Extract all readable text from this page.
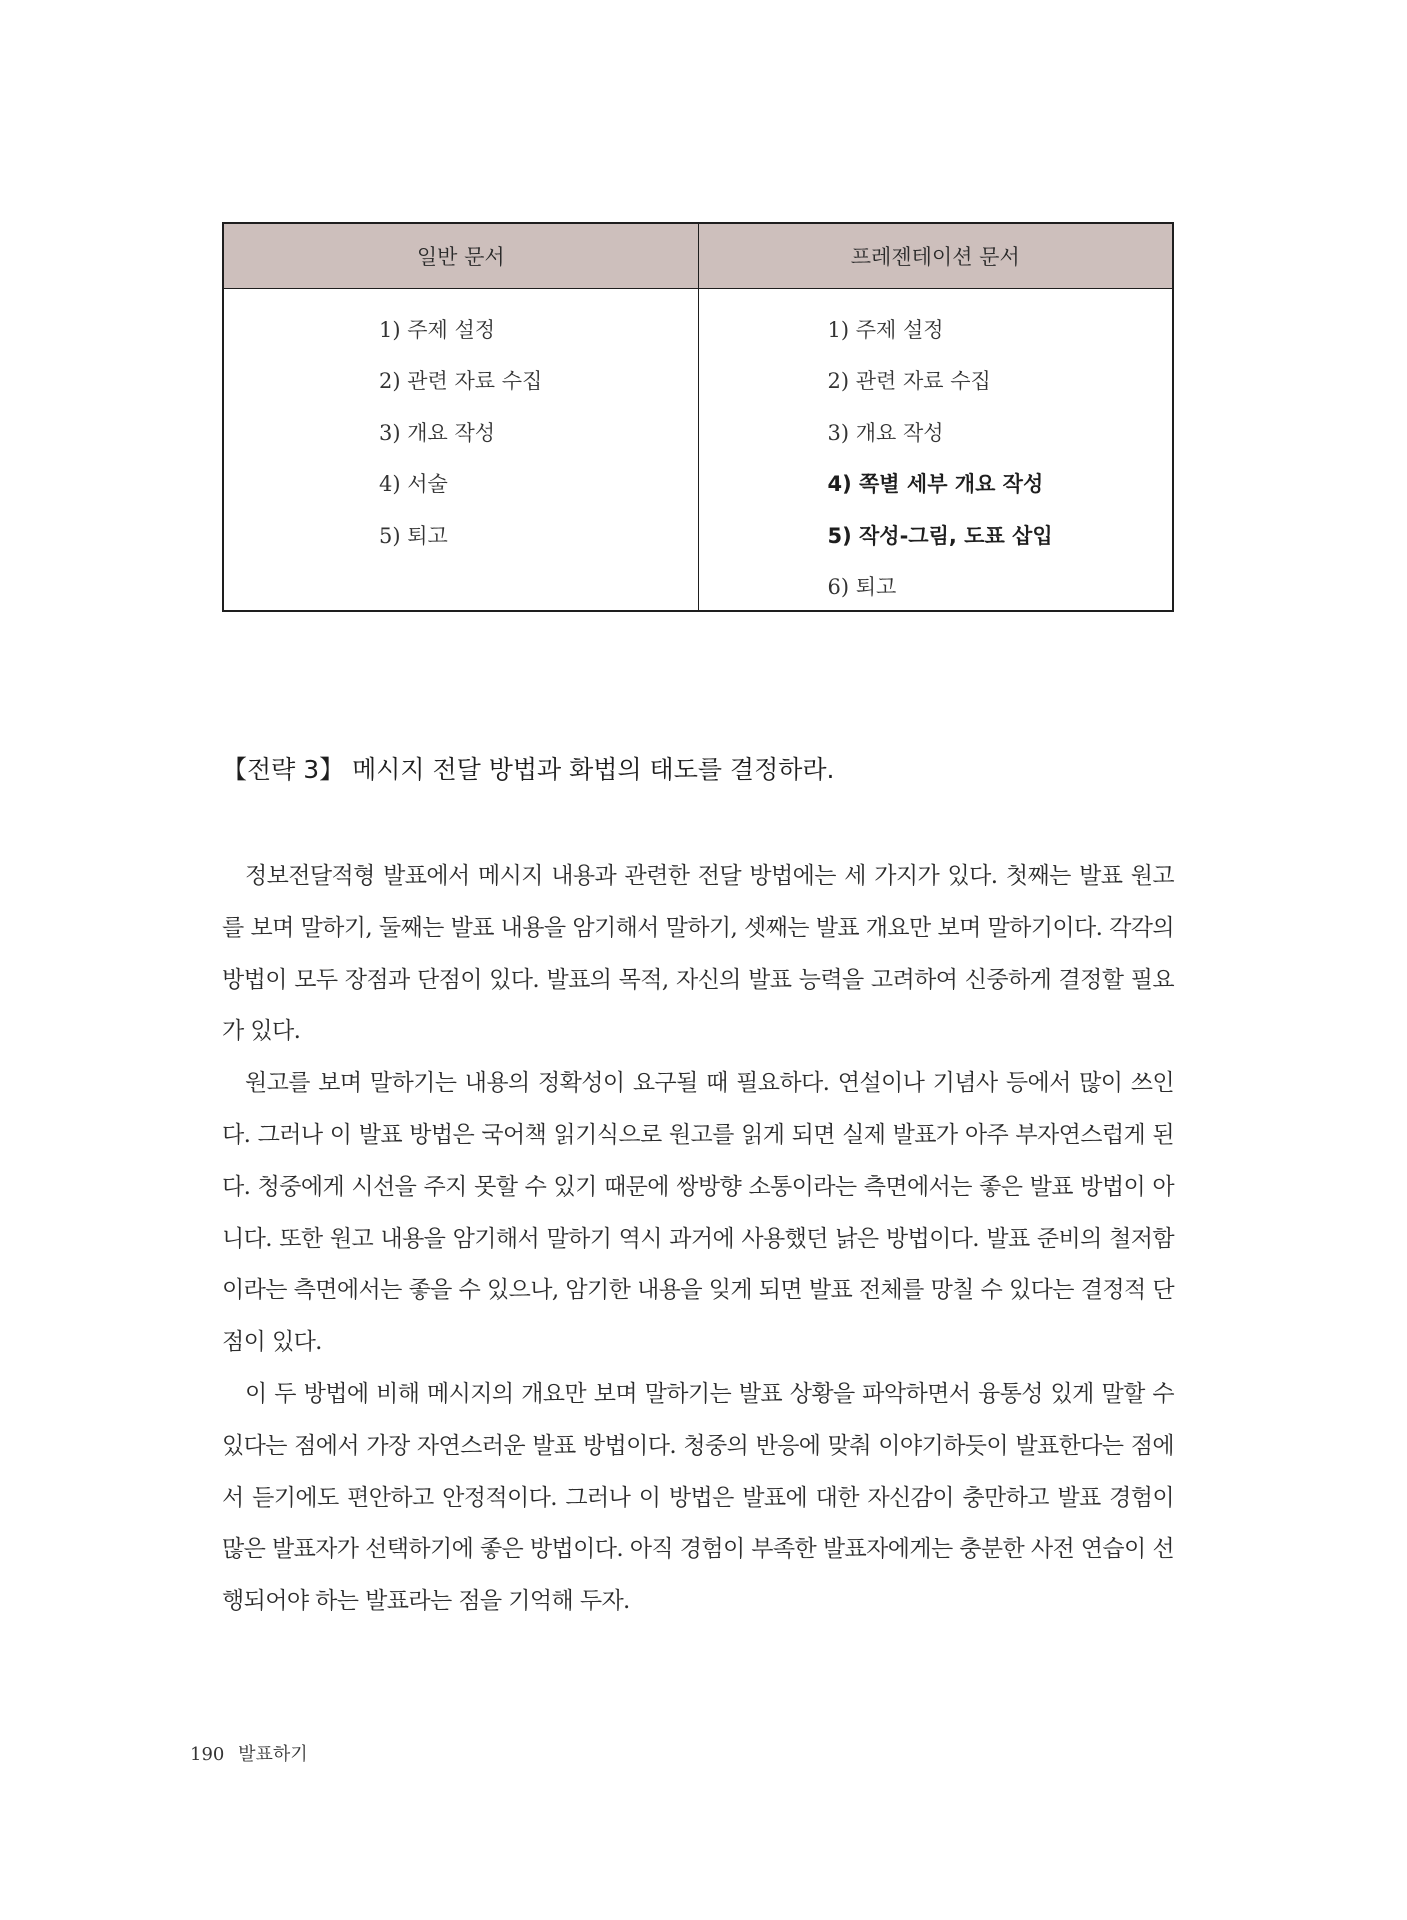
일반 문서	프레젠테이션 문서
1) 주제 설정
2) 관련 자료 수집
3) 개요 작성
4) 서술
5) 퇴고
1) 주제 설정
2) 관련 자료 수집
3) 개요 작성
4) 쪽별 세부 개요 작성
5) 작성-그림, 도표 삽입
6) 퇴고
【전략 3】 메시지 전달 방법과 화법의 태도를 결정하라.

정보전달적형 발표에서 메시지 내용과 관련한 전달 방법에는 세 가지가 있다. 첫째는 발표 원고를 보며 말하기, 둘째는 발표 내용을 암기해서 말하기, 셋째는 발표 개요만 보며 말하기이다. 각각의 방법이 모두 장점과 단점이 있다. 발표의 목적, 자신의 발표 능력을 고려하여 신중하게 결정할 필요가 있다.

원고를 보며 말하기는 내용의 정확성이 요구될 때 필요하다. 연설이나 기념사 등에서 많이 쓰인다. 그러나 이 발표 방법은 국어책 읽기식으로 원고를 읽게 되면 실제 발표가 아주 부자연스럽게 된다. 청중에게 시선을 주지 못할 수 있기 때문에 쌍방향 소통이라는 측면에서는 좋은 발표 방법이 아니다. 또한 원고 내용을 암기해서 말하기 역시 과거에 사용했던 낡은 방법이다. 발표 준비의 철저함이라는 측면에서는 좋을 수 있으나, 암기한 내용을 잊게 되면 발표 전체를 망칠 수 있다는 결정적 단점이 있다.

이 두 방법에 비해 메시지의 개요만 보며 말하기는 발표 상황을 파악하면서 융통성 있게 말할 수 있다는 점에서 가장 자연스러운 발표 방법이다. 청중의 반응에 맞춰 이야기하듯이 발표한다는 점에서 듣기에도 편안하고 안정적이다. 그러나 이 방법은 발표에 대한 자신감이 충만하고 발표 경험이 많은 발표자가 선택하기에 좋은 방법이다. 아직 경험이 부족한 발표자에게는 충분한 사전 연습이 선행되어야 하는 발표라는 점을 기억해 두자.

190 발표하기
